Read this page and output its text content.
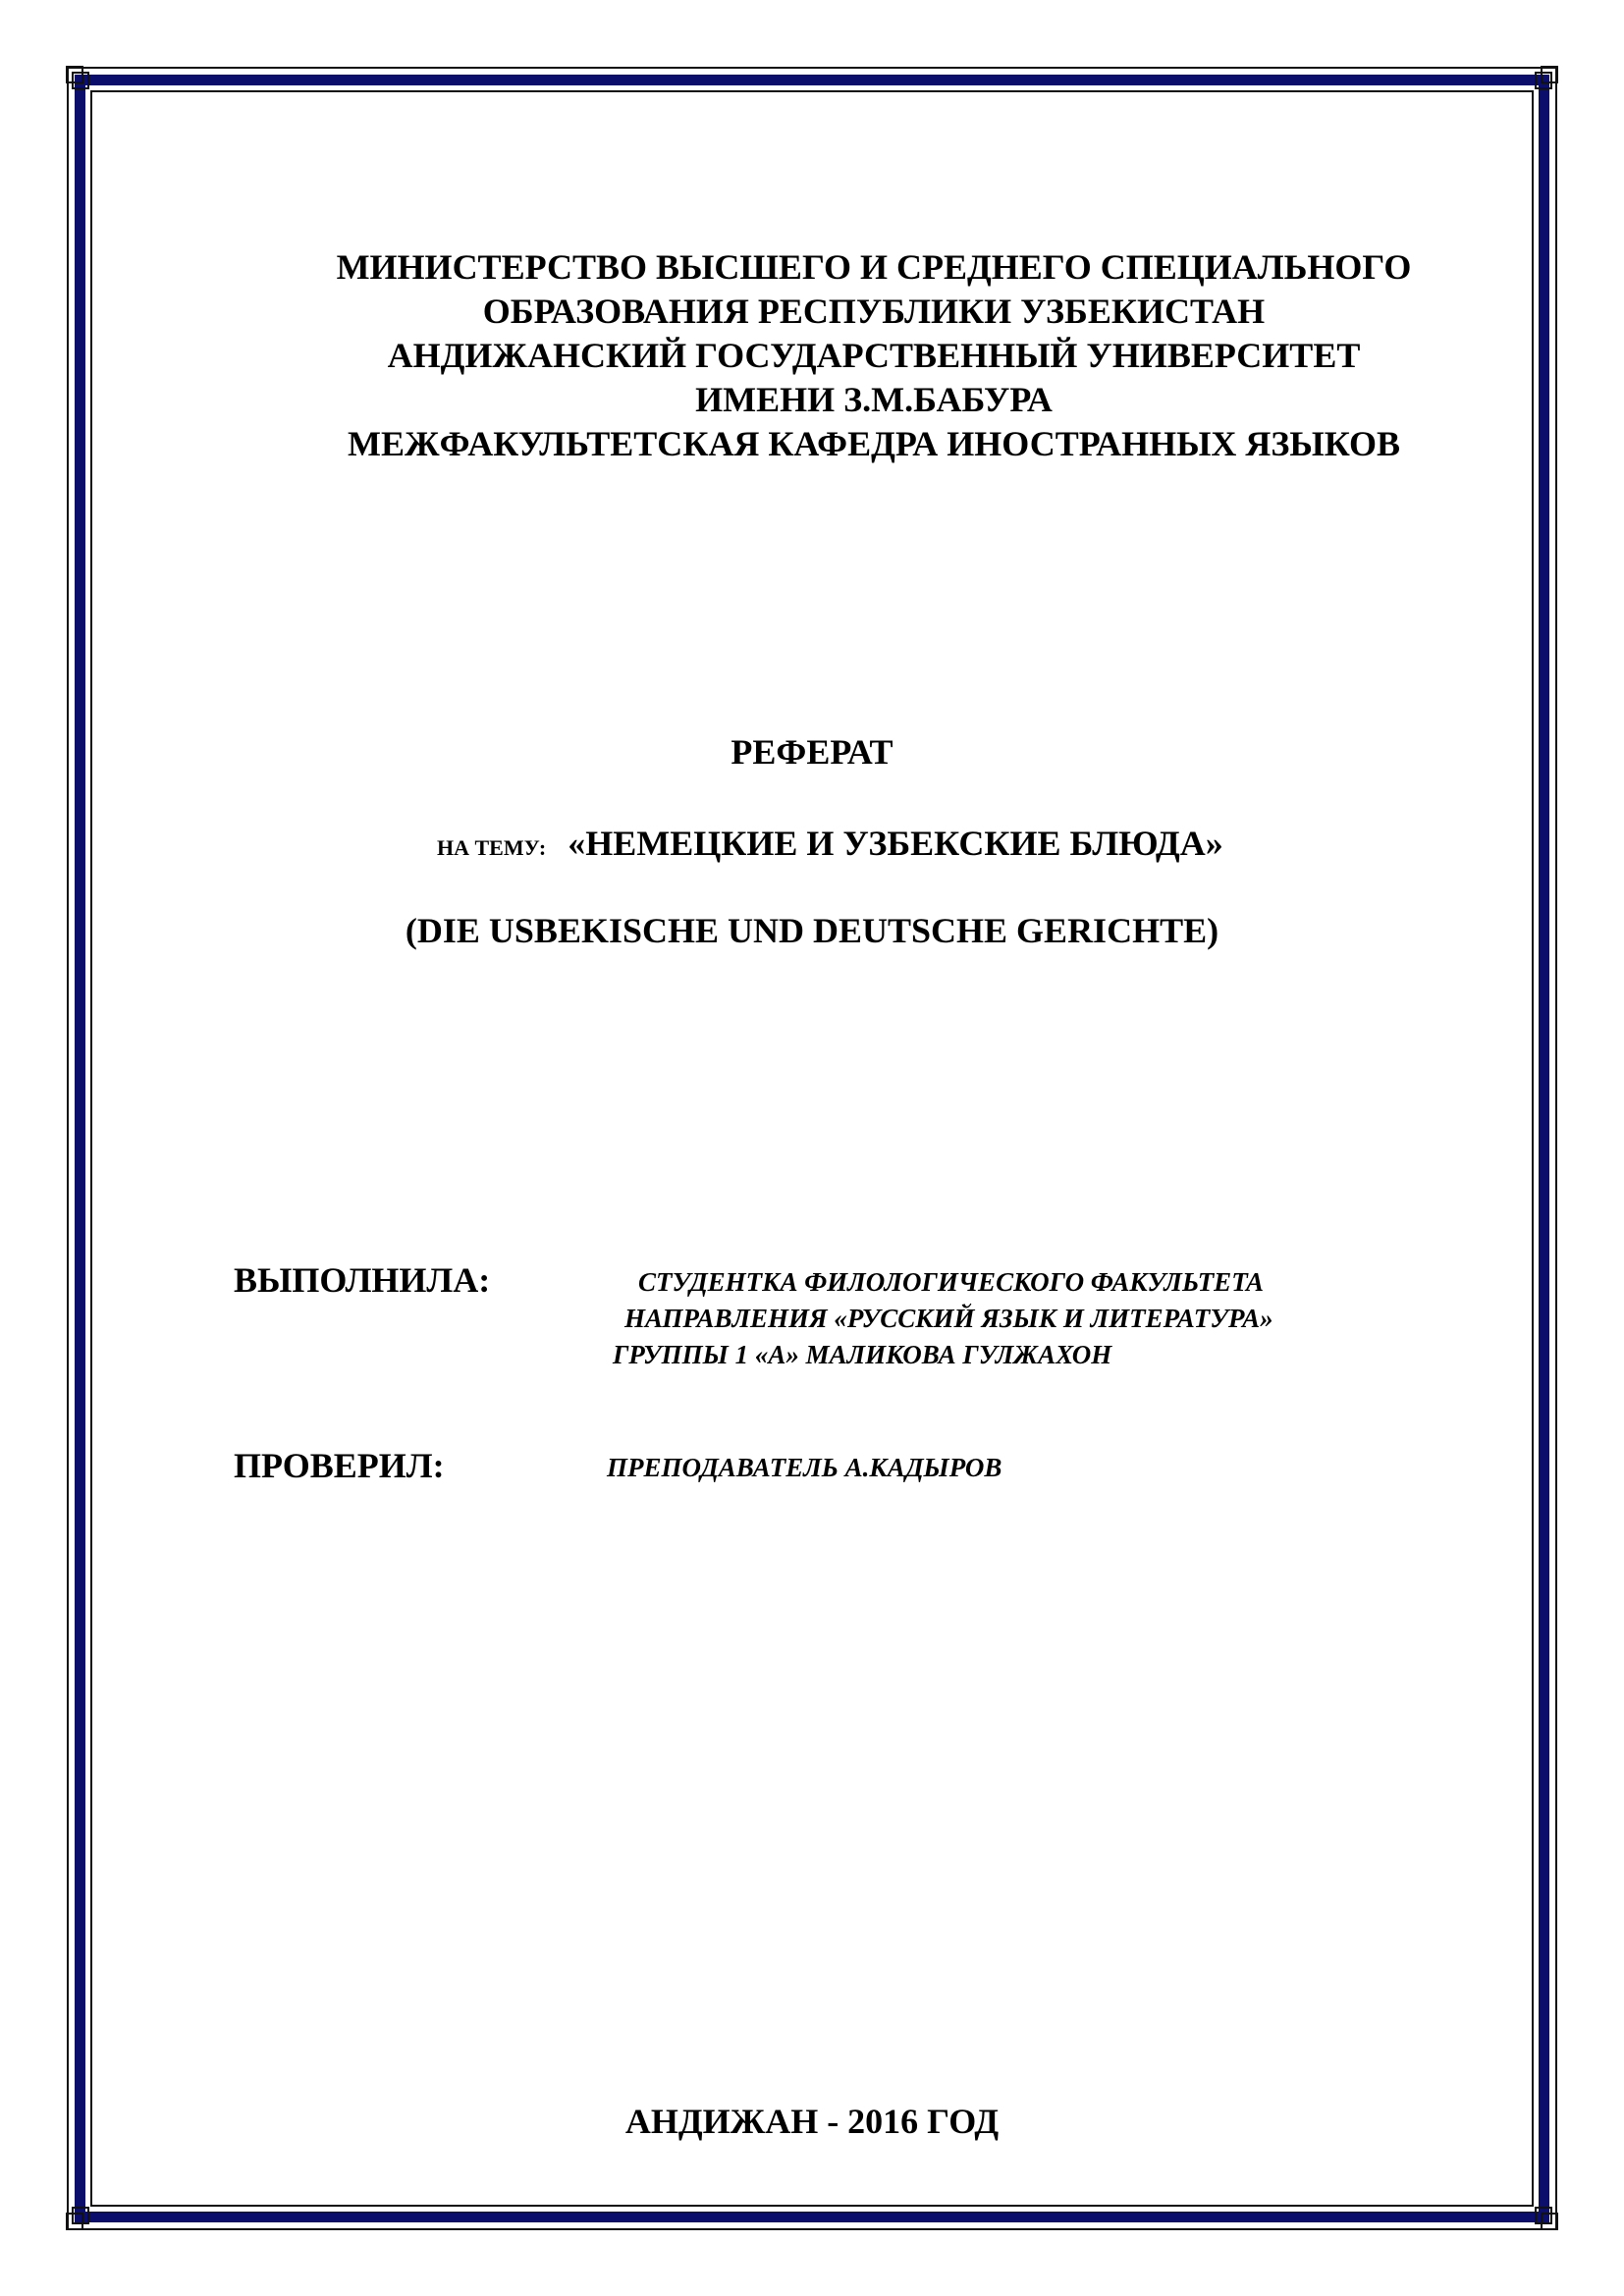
МИНИСТЕРСТВО ВЫСШЕГО И СРЕДНЕГО СПЕЦИАЛЬНОГО
ОБРАЗОВАНИЯ РЕСПУБЛИКИ УЗБЕКИСТАН
АНДИЖАНСКИЙ ГОСУДАРСТВЕННЫЙ УНИВЕРСИТЕТ
ИМЕНИ З.М.БАБУРА
МЕЖФАКУЛЬТЕТСКАЯ КАФЕДРА ИНОСТРАННЫХ ЯЗЫКОВ
РЕФЕРАТ
НА ТЕМУ: «НЕМЕЦКИЕ И УЗБЕКСКИЕ БЛЮДА»
(DIE USBEKISCHE UND DEUTSCHE GERICHTE)
ВЫПОЛНИЛА:	СТУДЕНТКА ФИЛОЛОГИЧЕСКОГО ФАКУЛЬТЕТА
НАПРАВЛЕНИЯ «РУССКИЙ ЯЗЫК И ЛИТЕРАТУРА»
ГРУППЫ 1 «А» МАЛИКОВА ГУЛЖАХОН
ПРОВЕРИЛ:	ПРЕПОДАВАТЕЛЬ А.КАДЫРОВ
АНДИЖАН - 2016 ГОД
